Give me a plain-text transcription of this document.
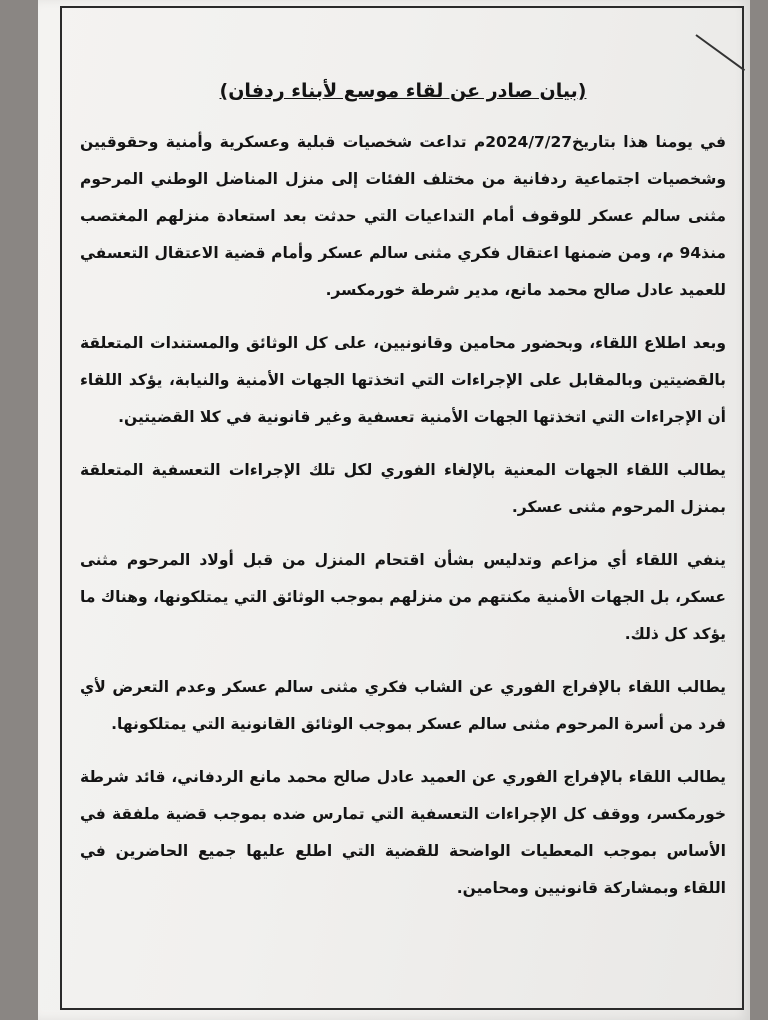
(بيان صادر عن لقاء موسع لأبناء ردفان)

في يومنا هذا بتاريخ2024/7/27م تداعت شخصيات قبلية وعسكرية وأمنية وحقوقيين وشخصيات اجتماعية ردفانية من مختلف الفئات إلى منزل المناضل الوطني المرحوم مثنى سالم عسكر للوقوف أمام التداعيات التي حدثت بعد استعادة منزلهم المغتصب منذ94 م، ومن ضمنها اعتقال فكري مثنى سالم عسكر وأمام قضية الاعتقال التعسفي للعميد عادل صالح محمد مانع، مدير شرطة خورمكسر.

وبعد اطلاع اللقاء، وبحضور محامين وقانونيين، على كل الوثائق والمستندات المتعلقة بالقضيتين وبالمقابل على الإجراءات التي اتخذتها الجهات الأمنية والنيابة، يؤكد اللقاء أن الإجراءات التي اتخذتها الجهات الأمنية تعسفية وغير قانونية في كلا القضيتين.

يطالب اللقاء الجهات المعنية بالإلغاء الفوري لكل تلك الإجراءات التعسفية المتعلقة بمنزل المرحوم مثنى عسكر.

ينفي اللقاء أي مزاعم وتدليس بشأن اقتحام المنزل من قبل أولاد المرحوم مثنى عسكر، بل الجهات الأمنية مكنتهم من منزلهم بموجب الوثائق التي يمتلكونها، وهناك ما يؤكد كل ذلك.

يطالب اللقاء بالإفراج الفوري عن الشاب فكري مثنى سالم عسكر وعدم التعرض لأي فرد من أسرة المرحوم مثنى سالم عسكر بموجب الوثائق القانونية التي يمتلكونها.

يطالب اللقاء بالإفراج الفوري عن العميد عادل صالح محمد مانع الردفاني، قائد شرطة خورمكسر، ووقف كل الإجراءات التعسفية التي تمارس ضده بموجب قضية ملفقة في الأساس بموجب المعطيات الواضحة للقضية التي اطلع عليها جميع الحاضرين في اللقاء وبمشاركة قانونيين ومحامين.
